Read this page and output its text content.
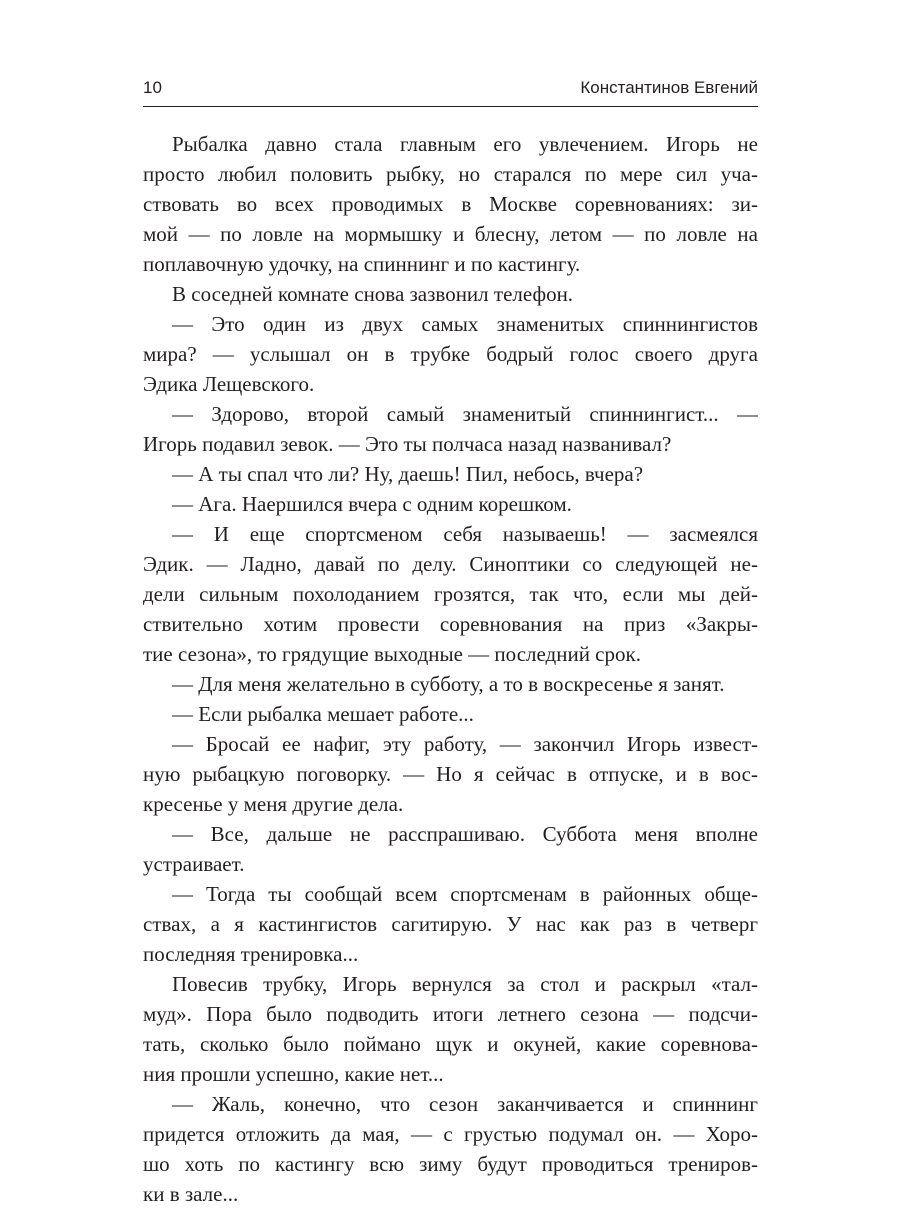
10	Константинов Евгений
Рыбалка давно стала главным его увлечением. Игорь не
просто любил половить рыбку, но старался по мере сил уча-
ствовать во всех проводимых в Москве соревнованиях: зи-
мой — по ловле на мормышку и блесну, летом — по ловле на
поплавочную удочку, на спиннинг и по кастингу.
В соседней комнате снова зазвонил телефон.
— Это один из двух самых знаменитых спиннингистов
мира? — услышал он в трубке бодрый голос своего друга
Эдика Лещевского.
— Здорово, второй самый знаменитый спиннингист... —
Игорь подавил зевок. — Это ты полчаса назад названивал?
— А ты спал что ли? Ну, даешь! Пил, небось, вчера?
— Ага. Наершился вчера с одним корешком.
— И еще спортсменом себя называешь! — засмеялся
Эдик. — Ладно, давай по делу. Синоптики со следующей не-
дели сильным похолоданием грозятся, так что, если мы дей-
ствительно хотим провести соревнования на приз «Закры-
тие сезона», то грядущие выходные — последний срок.
— Для меня желательно в субботу, а то в воскресенье я занят.
— Если рыбалка мешает работе...
— Бросай ее нафиг, эту работу, — закончил Игорь извест-
ную рыбацкую поговорку. — Но я сейчас в отпуске, и в вос-
кресенье у меня другие дела.
— Все, дальше не расспрашиваю. Суббота меня вполне
устраивает.
— Тогда ты сообщай всем спортсменам в районных обще-
ствах, а я кастингистов сагитирую. У нас как раз в четверг
последняя тренировка...
Повесив трубку, Игорь вернулся за стол и раскрыл «тал-
муд». Пора было подводить итоги летнего сезона — подсчи-
тать, сколько было поймано щук и окуней, какие соревнова-
ния прошли успешно, какие нет...
— Жаль, конечно, что сезон заканчивается и спиннинг
придется отложить да мая, — с грустью подумал он. — Хоро-
шо хоть по кастингу всю зиму будут проводиться трениров-
ки в зале...
